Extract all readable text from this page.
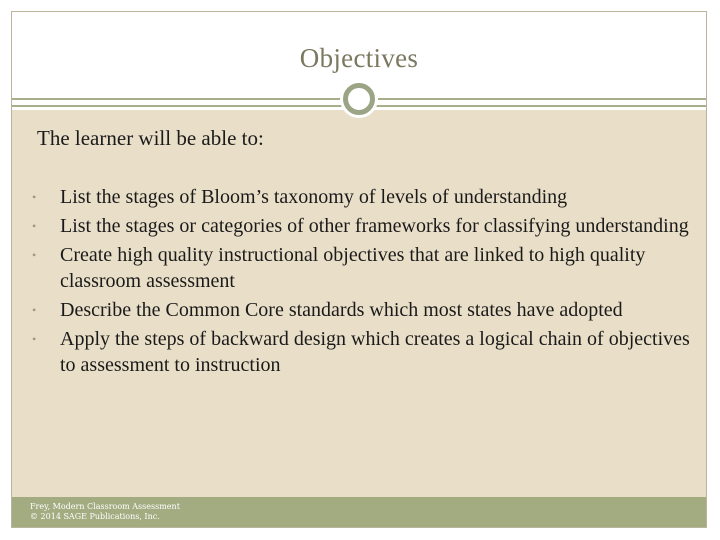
Objectives
The learner will be able to:
• List the stages of Bloom’s taxonomy of levels of understanding
• List the stages or categories of other frameworks for classifying understanding
• Create high quality instructional objectives that are linked to high quality classroom assessment
• Describe the Common Core standards which most states have adopted
• Apply the steps of backward design which creates a logical chain of objectives to assessment to instruction
Frey, Modern Classroom Assessment
© 2014 SAGE Publications, Inc.
